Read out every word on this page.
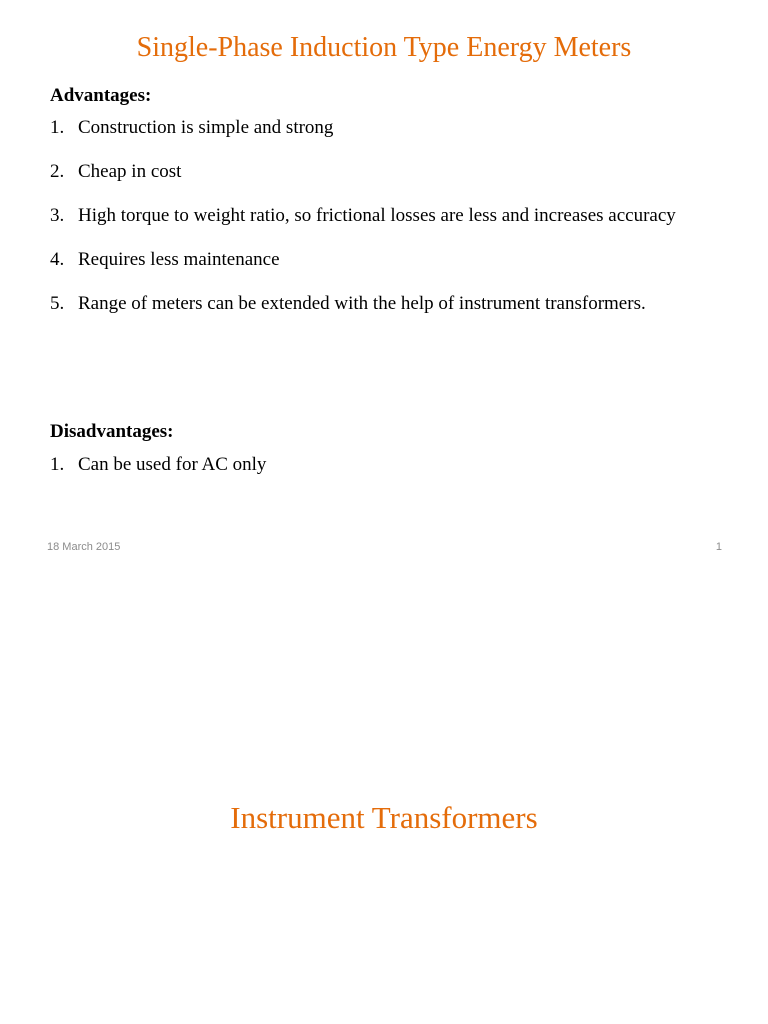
Single-Phase Induction Type Energy Meters
Advantages:
1. Construction is simple and strong
2. Cheap in cost
3. High torque to weight ratio, so frictional losses are less and increases accuracy
4. Requires less maintenance
5. Range of meters can be extended with the help of instrument transformers.
Disadvantages:
1. Can be used for AC only
18 March 2015	1
Instrument Transformers
